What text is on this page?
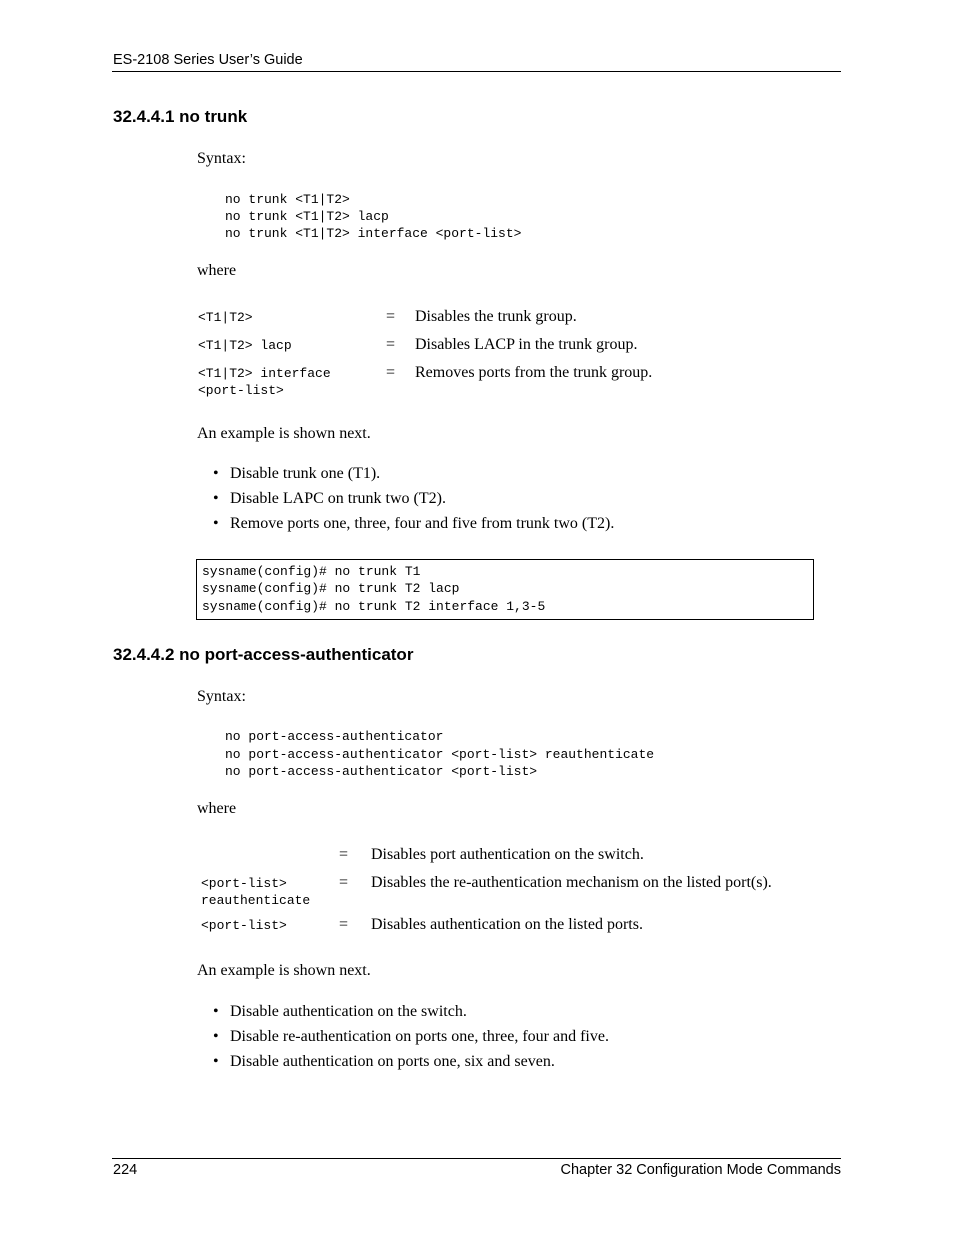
ES-2108 Series User’s Guide
32.4.4.1 no trunk
Syntax:
no trunk <T1|T2>
no trunk <T1|T2> lacp
no trunk <T1|T2> interface <port-list>
where
<T1|T2>	= Disables the trunk group.
<T1|T2> lacp	= Disables LACP in the trunk group.
<T1|T2> interface
<port-list>
= Removes ports from the trunk group.
An example is shown next.
• Disable trunk one (T1).
• Disable LAPC on trunk two (T2).
• Remove ports one, three, four and five from trunk two (T2).
sysname(config)# no trunk T1
sysname(config)# no trunk T2 lacp
sysname(config)# no trunk T2 interface 1,3-5
32.4.4.2 no port-access-authenticator
Syntax:
no port-access-authenticator
no port-access-authenticator <port-list> reauthenticate
no port-access-authenticator <port-list>
where
= Disables port authentication on the switch.
<port-list>
reauthenticate
= Disables the re-authentication mechanism on the listed port(s).
<port-list>	= Disables authentication on the listed ports.
An example is shown next.
• Disable authentication on the switch.
• Disable re-authentication on ports one, three, four and five.
• Disable authentication on ports one, six and seven.
224	Chapter 32 Configuration Mode Commands
